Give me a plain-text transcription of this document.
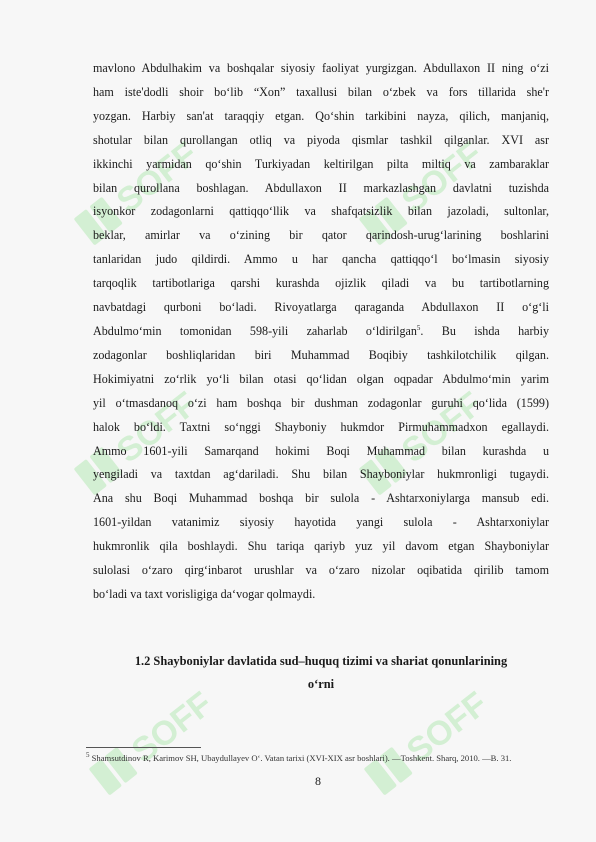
SOFF	SOFF
SOFF	SOFF
SOFF	SOFF
mavlono Abdulhakim va boshqalar siyosiy faoliyat yurgizgan. Abdullaxon II ning o‘zi
ham iste'dodli shoir bo‘lib “Xon” taxallusi bilan o‘zbek va fors tillarida she'r
yozgan. Harbiy san'at taraqqiy etgan. Qo‘shin tarkibini nayza, qilich, manjaniq,
shotular bilan qurollangan otliq va piyoda qismlar tashkil qilganlar. XVI asr
ikkinchi yarmidan qo‘shin Turkiyadan keltirilgan pilta miltiq va zambaraklar
bilan qurollana boshlagan. Abdullaxon II markazlashgan davlatni tuzishda
isyonkor zodagonlarni qattiqqo‘llik va shafqatsizlik bilan jazoladi, sultonlar,
beklar, amirlar va o‘zining bir qator qarindosh-urug‘larining boshlarini
tanlaridan judo qildirdi. Ammo u har qancha qattiqqo‘l bo‘lmasin siyosiy
tarqoqlik tartibotlariga qarshi kurashda ojizlik qiladi va bu tartibotlarning
navbatdagi qurboni bo‘ladi. Rivoyatlarga qaraganda Abdullaxon II o‘g‘li
Abdulmo‘min tomonidan 598-yili zaharlab o‘ldirilgan$^5$. Bu ishda harbiy
zodagonlar boshliqlaridan biri Muhammad Boqibiy tashkilotchilik qilgan.
Hokimiyatni zo‘rlik yo‘li bilan otasi qo‘lidan olgan oqpadar Abdulmo‘min yarim
yil o‘tmasdanoq o‘zi ham boshqa bir dushman zodagonlar guruhi qo‘lida (1599)
halok bo‘ldi. Taxtni so‘nggi Shayboniy hukmdor Pirmuhammadxon egallaydi.
Ammo 1601-yili Samarqand hokimi Boqi Muhammad bilan kurashda u
yengiladi va taxtdan ag‘dariladi. Shu bilan Shayboniylar hukmronligi tugaydi.
Ana shu Boqi Muhammad boshqa bir sulola - Ashtarxoniylarga mansub edi.
1601-yildan vatanimiz siyosiy hayotida yangi sulola - Ashtarxoniylar
hukmronlik qila boshlaydi. Shu tariqa qariyb yuz yil davom etgan Shayboniylar
sulolasi o‘zaro qirg‘inbarot urushlar va o‘zaro nizolar oqibatida qirilib tamom
bo‘ladi va taxt vorisligiga da‘vogar qolmaydi.
1.2 Shayboniylar davlatida sud–huquq tizimi va shariat qonunlarining
o‘rni
$^5$ Shamsutdinov R, Karimov SH, Ubaydullayev O‘. Vatan tarixi (XVI-XIX asr boshlari). —Toshkent. Sharq, 2010. —B. 31.
8
